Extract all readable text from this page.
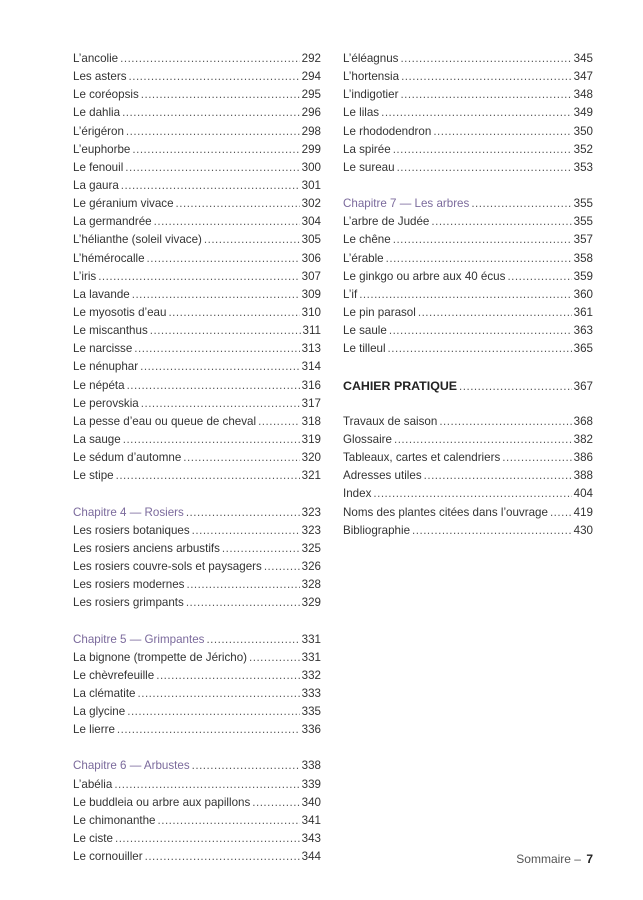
L’ancolie .....	292
Les asters .....	294
Le coréopsis .....	295
Le dahlia .....	296
L’érigéron .....	298
L’euphorbe .....	299
Le fenouil .....	300
La gaura .....	301
Le géranium vivace .....	302
La germandrée .....	304
L’hélianthe (soleil vivace) .....	305
L’hémérocalle .....	306
L’iris .....	307
La lavande .....	309
Le myosotis d’eau .....	310
Le miscanthus .....	311
Le narcisse .....	313
Le nénuphar .....	314
Le népéta .....	316
Le perovskia .....	317
La pesse d’eau ou queue de cheval .....	318
La sauge .....	319
Le sédum d’automne .....	320
Le stipe .....	321
Chapitre 4 — Rosiers .....	323
Les rosiers botaniques .....	323
Les rosiers anciens arbustifs .....	325
Les rosiers couvre-sols et paysagers .....	326
Les rosiers modernes .....	328
Les rosiers grimpants .....	329
Chapitre 5 — Grimpantes .....	331
La bignone (trompette de Jéricho) .....	331
Le chèvrefeuille .....	332
La clématite .....	333
La glycine .....	335
Le lierre .....	336
Chapitre 6 — Arbustes .....	338
L’abélia .....	339
Le buddleia ou arbre aux papillons .....	340
Le chimonanthe .....	341
Le ciste .....	343
Le cornouiller .....	344
L’éléagnus .....	345
L’hortensia .....	347
L’indigotier .....	348
Le lilas .....	349
Le rhododendron .....	350
La spirée .....	352
Le sureau .....	353
Chapitre 7 — Les arbres .....	355
L’arbre de Judée .....	355
Le chêne .....	357
L’érable .....	358
Le ginkgo ou arbre aux 40 écus .....	359
L’if .....	360
Le pin parasol .....	361
Le saule .....	363
Le tilleul .....	365
CAHIER PRATIQUE .....	367
Travaux de saison .....	368
Glossaire .....	382
Tableaux, cartes et calendriers .....	386
Adresses utiles .....	388
Index .....	404
Noms des plantes citées dans l’ouvrage ..... 419
Bibliographie .....	430
Sommaire – 7
